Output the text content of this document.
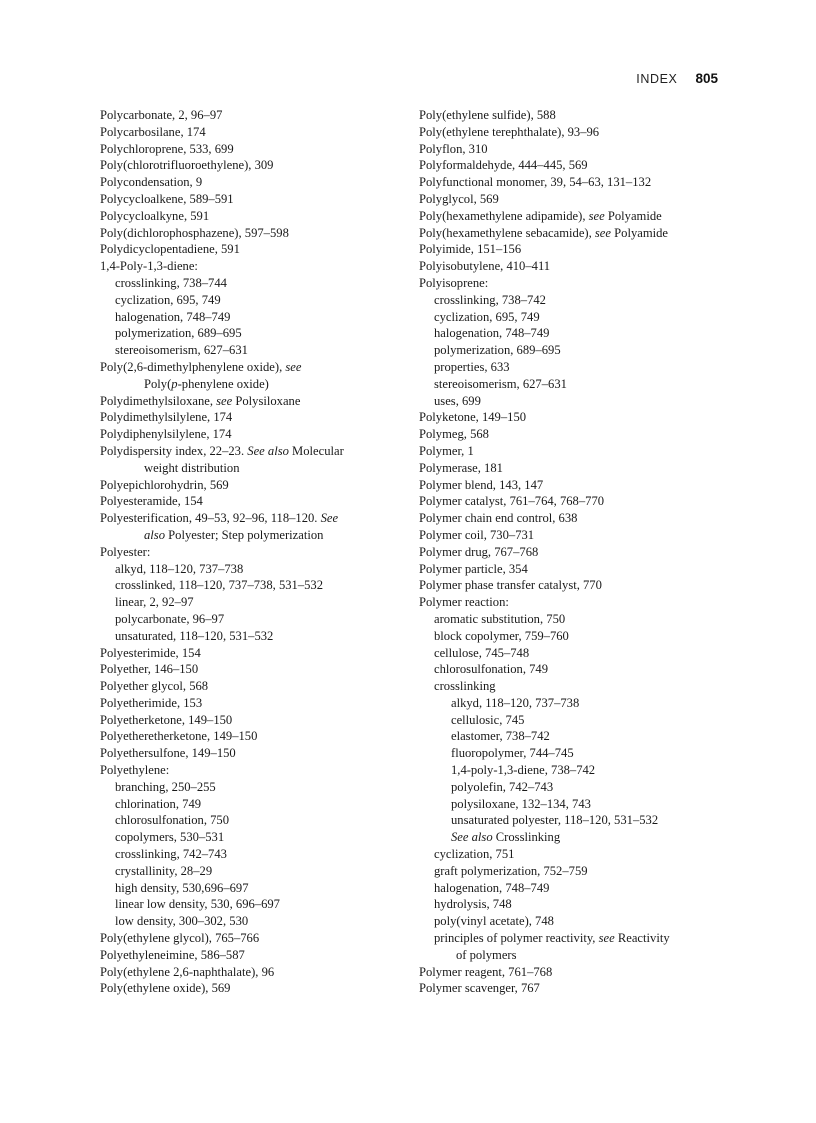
INDEX 805
Polycarbonate, 2, 96–97
Polycarbosilane, 174
Polychloroprene, 533, 699
Poly(chlorotrifluoroethylene), 309
Polycondensation, 9
Polycycloalkene, 589–591
Polycycloalkyne, 591
Poly(dichlorophosphazene), 597–598
Polydicyclopentadiene, 591
1,4-Poly-1,3-diene:
crosslinking, 738–744
cyclization, 695, 749
halogenation, 748–749
polymerization, 689–695
stereoisomerism, 627–631
Poly(2,6-dimethylphenylene oxide), see
Poly(p-phenylene oxide)
Polydimethylsiloxane, see Polysiloxane
Polydimethylsilylene, 174
Polydiphenylsilylene, 174
Polydispersity index, 22–23. See also Molecular
weight distribution
Polyepichlorohydrin, 569
Polyesteramide, 154
Polyesterification, 49–53, 92–96, 118–120. See
also Polyester; Step polymerization
Polyester:
alkyd, 118–120, 737–738
crosslinked, 118–120, 737–738, 531–532
linear, 2, 92–97
polycarbonate, 96–97
unsaturated, 118–120, 531–532
Polyesterimide, 154
Polyether, 146–150
Polyether glycol, 568
Polyetherimide, 153
Polyetherketone, 149–150
Polyetheretherketone, 149–150
Polyethersulfone, 149–150
Polyethylene:
branching, 250–255
chlorination, 749
chlorosulfonation, 750
copolymers, 530–531
crosslinking, 742–743
crystallinity, 28–29
high density, 530,696–697
linear low density, 530, 696–697
low density, 300–302, 530
Poly(ethylene glycol), 765–766
Polyethyleneimine, 586–587
Poly(ethylene 2,6-naphthalate), 96
Poly(ethylene oxide), 569
Poly(ethylene sulfide), 588
Poly(ethylene terephthalate), 93–96
Polyflon, 310
Polyformaldehyde, 444–445, 569
Polyfunctional monomer, 39, 54–63, 131–132
Polyglycol, 569
Poly(hexamethylene adipamide), see Polyamide
Poly(hexamethylene sebacamide), see Polyamide
Polyimide, 151–156
Polyisobutylene, 410–411
Polyisoprene:
crosslinking, 738–742
cyclization, 695, 749
halogenation, 748–749
polymerization, 689–695
properties, 633
stereoisomerism, 627–631
uses, 699
Polyketone, 149–150
Polymeg, 568
Polymer, 1
Polymerase, 181
Polymer blend, 143, 147
Polymer catalyst, 761–764, 768–770
Polymer chain end control, 638
Polymer coil, 730–731
Polymer drug, 767–768
Polymer particle, 354
Polymer phase transfer catalyst, 770
Polymer reaction:
aromatic substitution, 750
block copolymer, 759–760
cellulose, 745–748
chlorosulfonation, 749
crosslinking
alkyd, 118–120, 737–738
cellulosic, 745
elastomer, 738–742
fluoropolymer, 744–745
1,4-poly-1,3-diene, 738–742
polyolefin, 742–743
polysiloxane, 132–134, 743
unsaturated polyester, 118–120, 531–532
See also Crosslinking
cyclization, 751
graft polymerization, 752–759
halogenation, 748–749
hydrolysis, 748
poly(vinyl acetate), 748
principles of polymer reactivity, see Reactivity
of polymers
Polymer reagent, 761–768
Polymer scavenger, 767
